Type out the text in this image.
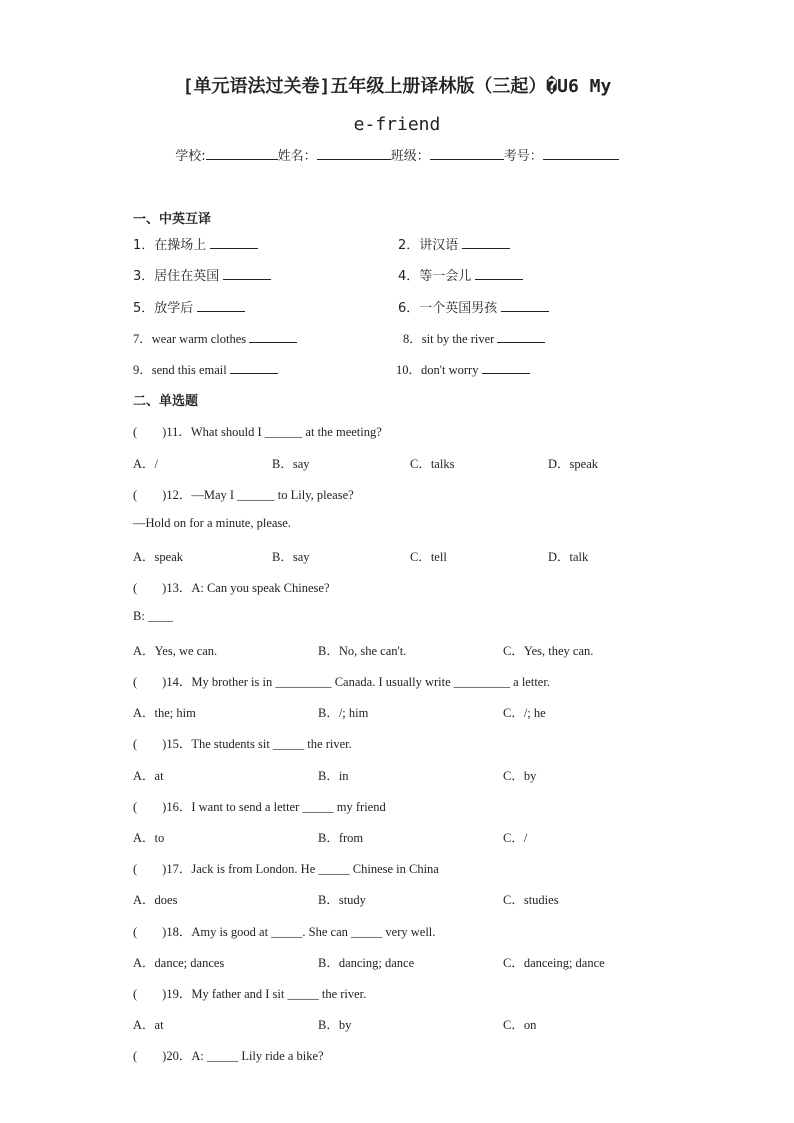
[单元语法过关卷]五年级上册译林版（三起）�U6 My
e-friend
学校:	姓名：	班级：	考号：
一、中英互译
1．在操场上	2．讲汉语
3．居住在英国	4．等一会儿
5．放学后	6．一个英国男孩
7．wear warm clothes	8．sit by the river
9．send this email	10．don't worry
二、单选题
(　　)11．What should I ______ at the meeting?
A．/	B．say	C．talks	D．speak
(　　)12．—May I ______ to Lily, please?
—Hold on for a minute, please.
A．speak	B．say	C．tell	D．talk
(　　)13．A: Can you speak Chinese?
B: ____
A．Yes, we can.	B．No, she can't.	C．Yes, they can.
(　　)14．My brother is in _________ Canada. I usually write _________ a letter.
A．the; him	B．/; him	C．/; he
(　　)15．The students sit _____ the river.
A．at	B．in	C．by
(　　)16．I want to send a letter _____ my friend
A．to	B．from	C．/
(　　)17．Jack is from London. He _____ Chinese in China
A．does	B．study	C．studies
(　　)18．Amy is good at _____. She can _____ very well.
A．dance; dances	B．dancing; dance	C．danceing; dance
(　　)19．My father and I sit _____ the river.
A．at	B．by	C．on
(　　)20．A: _____ Lily ride a bike?
